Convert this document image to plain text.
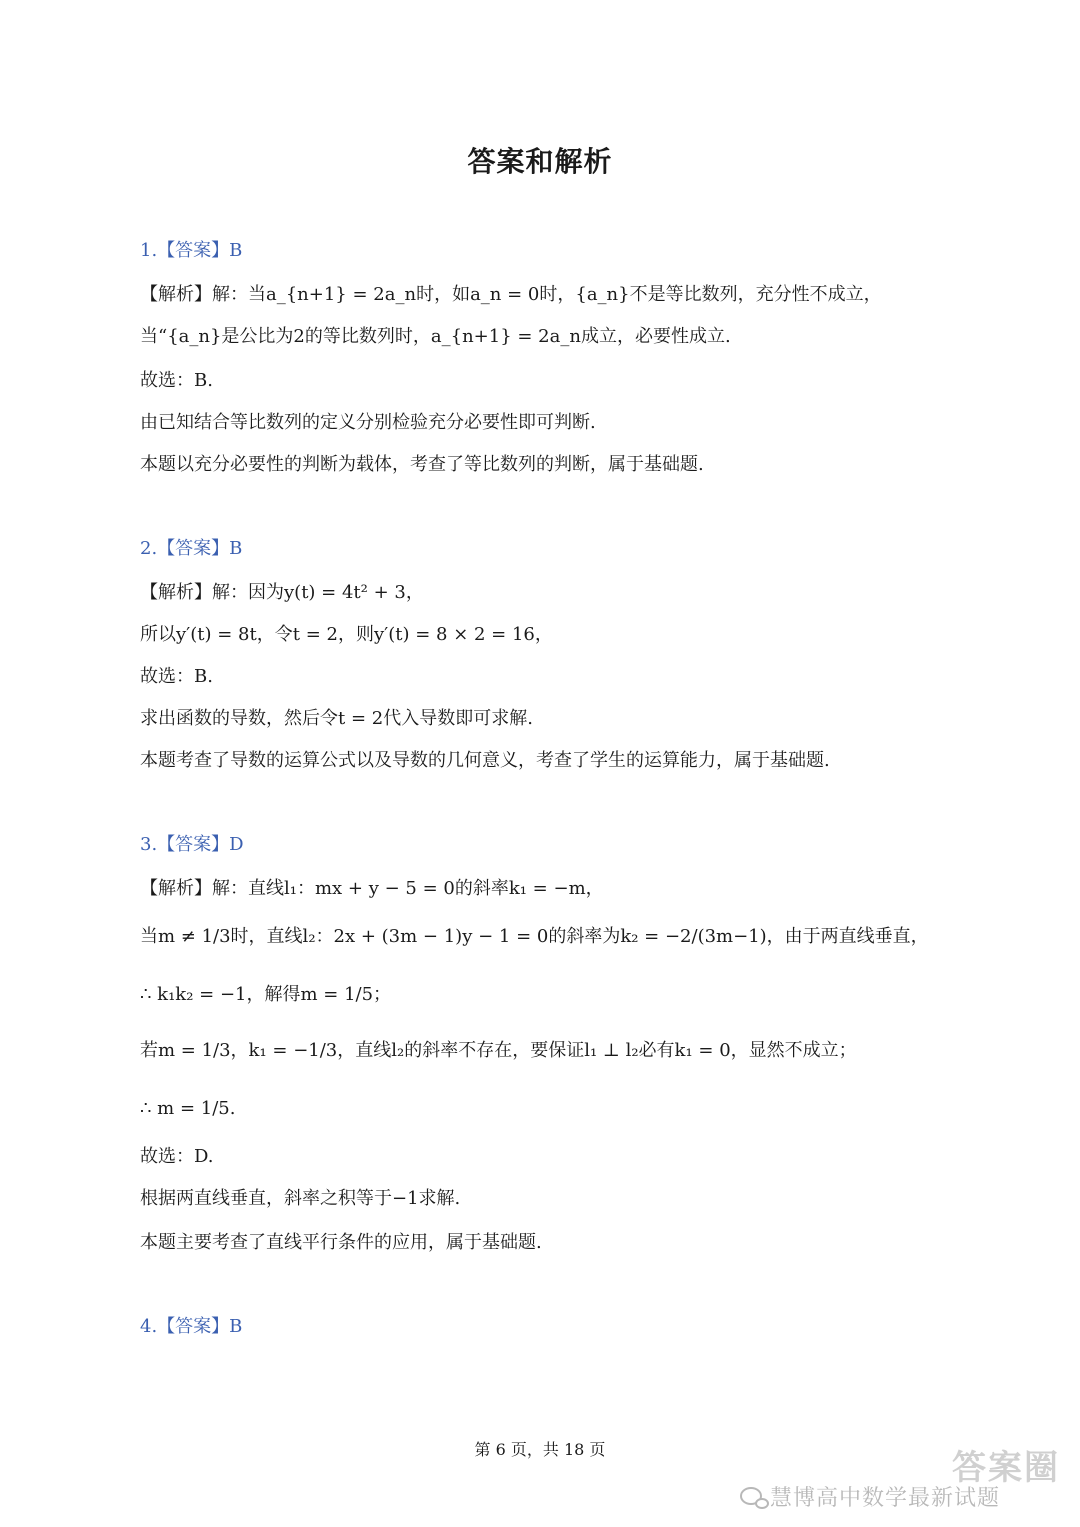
答案和解析
1.【答案】B
【解析】解：当a_{n+1} = 2a_n时，如a_n = 0时，{a_n}不是等比数列，充分性不成立，
当“{a_n}是公比为2的等比数列时，a_{n+1} = 2a_n成立，必要性成立.
故选：B.
由已知结合等比数列的定义分别检验充分必要性即可判断.
本题以充分必要性的判断为载体，考查了等比数列的判断，属于基础题.
2.【答案】B
【解析】解：因为y(t) = 4t² + 3，
所以y′(t) = 8t，令t = 2，则y′(t) = 8 × 2 = 16，
故选：B.
求出函数的导数，然后令t = 2代入导数即可求解.
本题考查了导数的运算公式以及导数的几何意义，考查了学生的运算能力，属于基础题.
3.【答案】D
【解析】解：直线l₁：mx + y − 5 = 0的斜率k₁ = −m，
当m ≠ 1/3时，直线l₂：2x + (3m − 1)y − 1 = 0的斜率为k₂ = −2/(3m−1)，由于两直线垂直，
∴ k₁k₂ = −1，解得m = 1/5；
若m = 1/3，k₁ = −1/3，直线l₂的斜率不存在，要保证l₁ ⊥ l₂必有k₁ = 0，显然不成立；
∴ m = 1/5.
故选：D.
根据两直线垂直，斜率之积等于−1求解.
本题主要考查了直线平行条件的应用，属于基础题.
4.【答案】B
第 6 页，共 18 页
慧博高中数学最新试题
答案圈
